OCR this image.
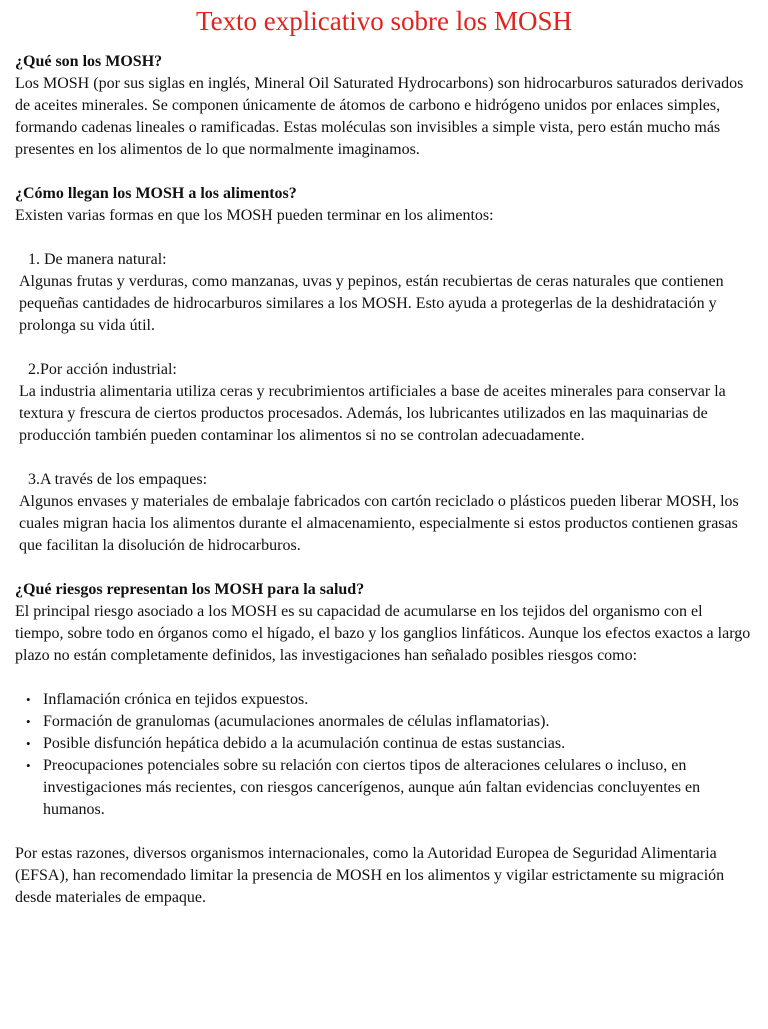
Texto explicativo sobre los MOSH
¿Qué son los MOSH?

Los MOSH (por sus siglas en inglés, Mineral Oil Saturated Hydrocarbons) son hidrocarburos saturados derivados de aceites minerales. Se componen únicamente de átomos de carbono e hidrógeno unidos por enlaces simples, formando cadenas lineales o ramificadas. Estas moléculas son invisibles a simple vista, pero están mucho más presentes en los alimentos de lo que normalmente imaginamos.

¿Cómo llegan los MOSH a los alimentos?

Existen varias formas en que los MOSH pueden terminar en los alimentos:

1. De manera natural:

Algunas frutas y verduras, como manzanas, uvas y pepinos, están recubiertas de ceras naturales que contienen pequeñas cantidades de hidrocarburos similares a los MOSH. Esto ayuda a protegerlas de la deshidratación y prolonga su vida útil.

2.Por acción industrial:

La industria alimentaria utiliza ceras y recubrimientos artificiales a base de aceites minerales para conservar la textura y frescura de ciertos productos procesados. Además, los lubricantes utilizados en las maquinarias de producción también pueden contaminar los alimentos si no se controlan adecuadamente.

3.A través de los empaques:

Algunos envases y materiales de embalaje fabricados con cartón reciclado o plásticos pueden liberar MOSH, los cuales migran hacia los alimentos durante el almacenamiento, especialmente si estos productos contienen grasas que facilitan la disolución de hidrocarburos.

¿Qué riesgos representan los MOSH para la salud?

El principal riesgo asociado a los MOSH es su capacidad de acumularse en los tejidos del organismo con el tiempo, sobre todo en órganos como el hígado, el bazo y los ganglios linfáticos. Aunque los efectos exactos a largo plazo no están completamente definidos, las investigaciones han señalado posibles riesgos como:

• Inflamación crónica en tejidos expuestos.
• Formación de granulomas (acumulaciones anormales de células inflamatorias).
• Posible disfunción hepática debido a la acumulación continua de estas sustancias.
• Preocupaciones potenciales sobre su relación con ciertos tipos de alteraciones celulares o incluso, en investigaciones más recientes, con riesgos cancerígenos, aunque aún faltan evidencias concluyentes en humanos.

Por estas razones, diversos organismos internacionales, como la Autoridad Europea de Seguridad Alimentaria (EFSA), han recomendado limitar la presencia de MOSH en los alimentos y vigilar estrictamente su migración desde materiales de empaque.
